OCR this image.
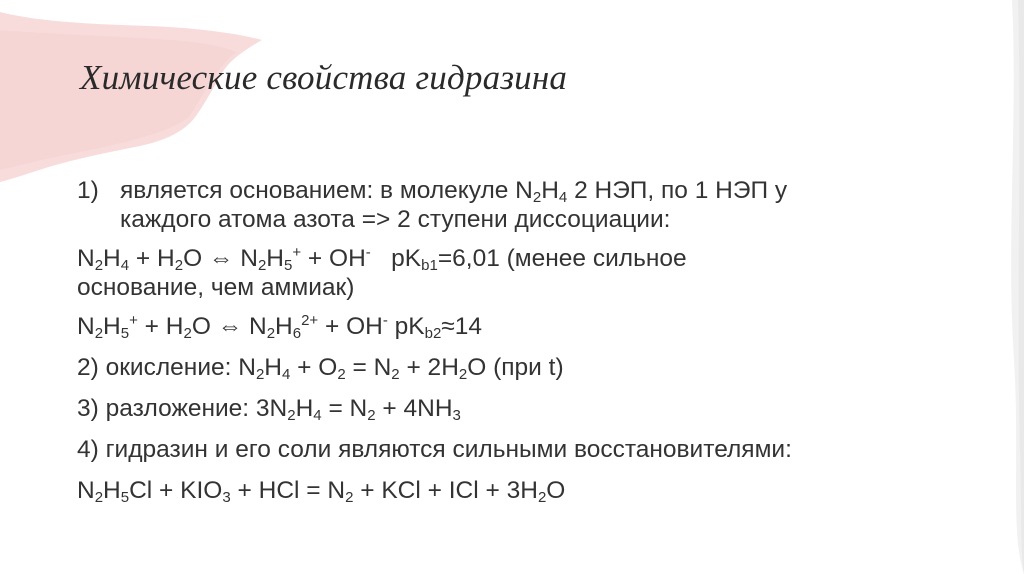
Химические свойства гидразина
1) является основанием: в молекуле $N_2H_4$ 2 НЭП, по 1 НЭП у
каждого атома азота => 2 ступени диссоциации:
$N_2H_4 + H_2O$ ⇔ $N_2H_5^+ + OH^-$   $pK_{b1}=6,01$ (менее сильное
основание, чем аммиак)
$N_2H_5^+ + H_2O$ ⇔ $N_2H_6^{2+} + OH^-$ $pK_{b2}\approx 14$
2) окисление: $N_2H_4 + O_2 = N_2 + 2H_2O$ (при t)
3) разложение: $3N_2H_4 = N_2 + 4NH_3$
4) гидразин и его соли являются сильными восстановителями:
$N_2H_5Cl + KIO_3$ + HCl = $N_2$ + KCl + ICl + $3H_2O$
